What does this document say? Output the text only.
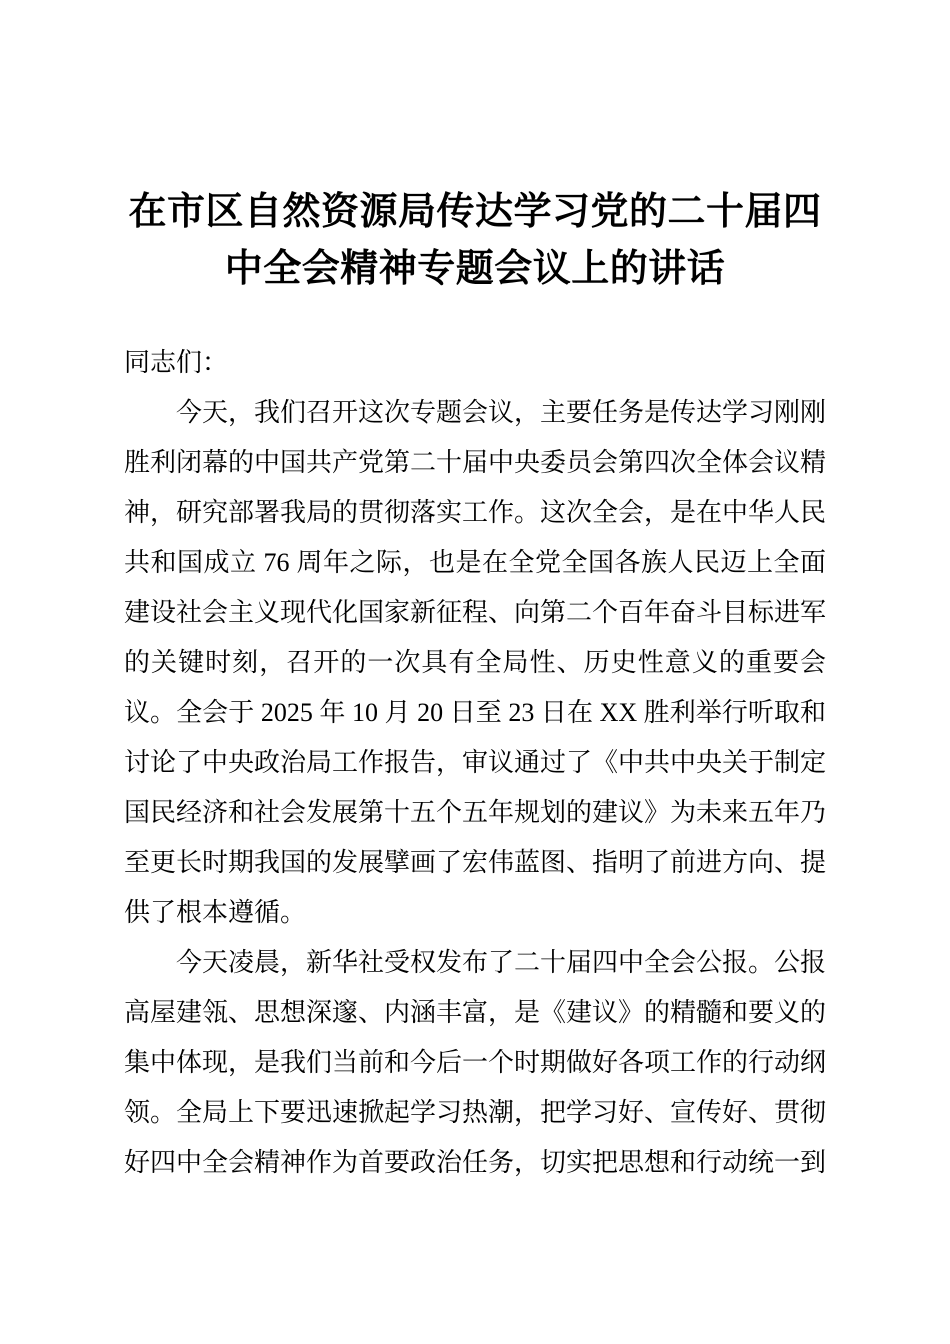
在市区自然资源局传达学习党的二十届四
中全会精神专题会议上的讲话

同志们：

今天，我们召开这次专题会议，主要任务是传达学习刚刚胜利闭幕的中国共产党第二十届中央委员会第四次全体会议精神，研究部署我局的贯彻落实工作。这次全会，是在中华人民共和国成立 76 周年之际，也是在全党全国各族人民迈上全面建设社会主义现代化国家新征程、向第二个百年奋斗目标进军的关键时刻，召开的一次具有全局性、历史性意义的重要会议。全会于 2025 年 10 月 20 日至 23 日在 XX 胜利举行听取和讨论了中央政治局工作报告，审议通过了《中共中央关于制定国民经济和社会发展第十五个五年规划的建议》为未来五年乃至更长时期我国的发展擘画了宏伟蓝图、指明了前进方向、提供了根本遵循。

今天凌晨，新华社受权发布了二十届四中全会公报。公报高屋建瓴、思想深邃、内涵丰富，是《建议》的精髓和要义的集中体现，是我们当前和今后一个时期做好各项工作的行动纲领。全局上下要迅速掀起学习热潮，把学习好、宣传好、贯彻好四中全会精神作为首要政治任务，切实把思想和行动统一到
